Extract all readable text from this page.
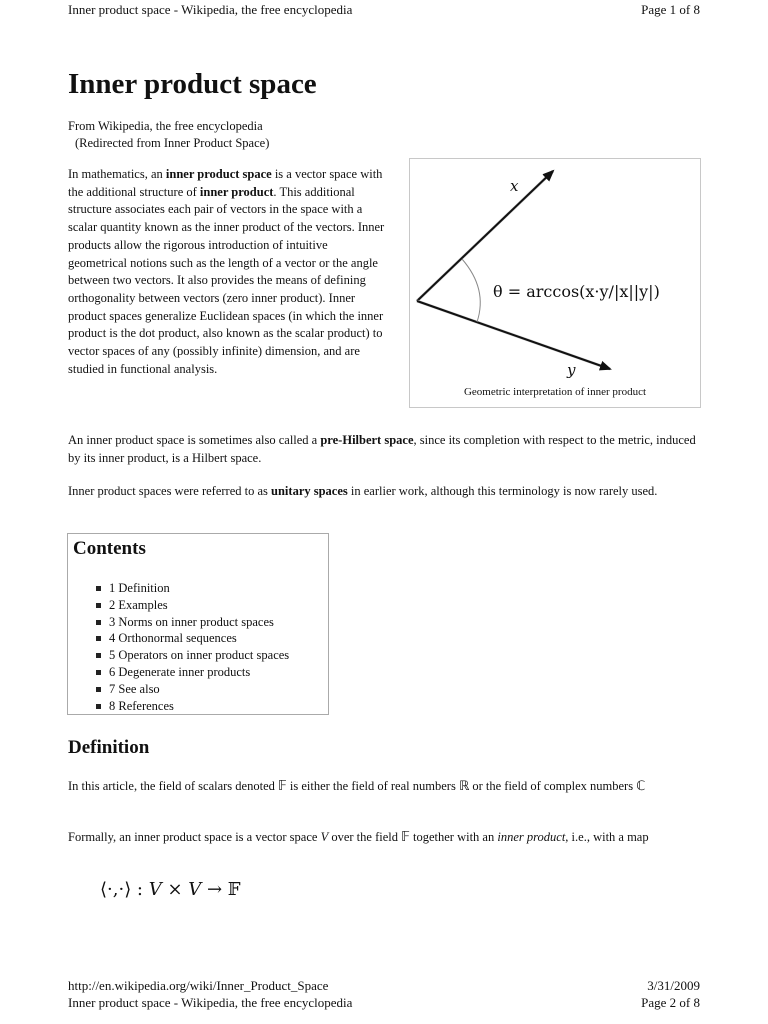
Inner product space - Wikipedia, the free encyclopedia	Page 1 of 8
Inner product space
From Wikipedia, the free encyclopedia
(Redirected from Inner Product Space)

In mathematics, an inner product space is a vector space with the additional structure of inner product. This additional structure associates each pair of vectors in the space with a scalar quantity known as the inner product of the vectors. Inner products allow the rigorous introduction of intuitive geometrical notions such as the length of a vector or the angle between two vectors. It also provides the means of defining orthogonality between vectors (zero inner product). Inner product spaces generalize Euclidean spaces (in which the inner product is the dot product, also known as the scalar product) to vector spaces of any (possibly infinite) dimension, and are studied in functional analysis.

x
y
θ = arccos(x·y/|x||y|)
Geometric interpretation of inner product

An inner product space is sometimes also called a pre-Hilbert space, since its completion with respect to the metric, induced by its inner product, is a Hilbert space.

Inner product spaces were referred to as unitary spaces in earlier work, although this terminology is now rarely used.

Contents
1 Definition
2 Examples
3 Norms on inner product spaces
4 Orthonormal sequences
5 Operators on inner product spaces
6 Degenerate inner products
7 See also
8 References
Definition

In this article, the field of scalars denoted 𝔽 is either the field of real numbers ℝ or the field of complex numbers ℂ

Formally, an inner product space is a vector space V over the field 𝔽 together with an inner product, i.e., with a map

⟨·,·⟩ : V × V → 𝔽
http://en.wikipedia.org/wiki/Inner_Product_Space	3/31/2009
Inner product space - Wikipedia, the free encyclopedia	Page 2 of 8
